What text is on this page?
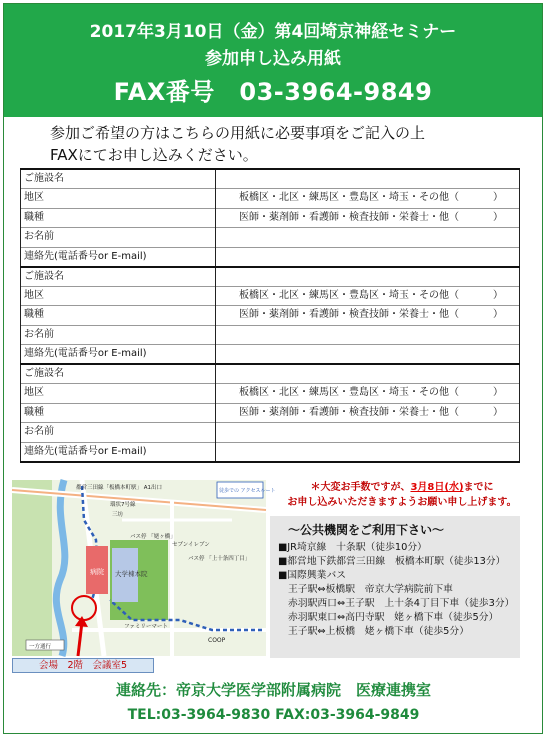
2017年3月10日（金）第4回埼京神経セミナー
参加申し込み用紙
FAX番号　03-3964-9849
参加ご希望の方はこちらの用紙に必要事項をご記入の上
FAXにてお申し込みください。
ご施設名	
地区	板橋区・北区・練馬区・豊島区・埼玉・その他（ ）
職種	医師・薬剤師・看護師・検査技師・栄養士・他（ ）
お名前	
連絡先(電話番号or E-mail)	
ご施設名	
地区	板橋区・北区・練馬区・豊島区・埼玉・その他（ ）
職種	医師・薬剤師・看護師・検査技師・栄養士・他（ ）
お名前	
連絡先(電話番号or E-mail)	
ご施設名	
地区	板橋区・北区・練馬区・豊島区・埼玉・その他（ ）
職種	医師・薬剤師・看護師・検査技師・栄養士・他（ ）
お名前	
連絡先(電話番号or E-mail)	
病院 大学棟本院
都営三田線「板橋本町駅」 A1出口
環状7号線
徒歩での アクセスルート
バス停 「姥ヶ橋」
バス停 「上十条四丁目」
セブンイレブン
ファミリーマート
三坊
COOP
一方通行
会場　2階　会議室5
＊大変お手数ですが、3月8日(水)までに
お申し込みいただきますようお願い申し上げます。
～公共機関をご利用下さい～
■JR埼京線　十条駅（徒歩10分）
■都営地下鉄都営三田線　板橋本町駅（徒歩13分）
■国際興業バス
王子駅⇔板橋駅　帝京大学病院前下車
赤羽駅西口⇔王子駅　上十条4丁目下車（徒歩3分）
赤羽駅東口⇔高円寺駅　姥ヶ橋下車（徒歩5分）
王子駅⇔上板橋　姥ヶ橋下車（徒歩5分）
連絡先：帝京大学医学部附属病院　医療連携室
TEL:03-3964-9830 FAX:03-3964-9849
